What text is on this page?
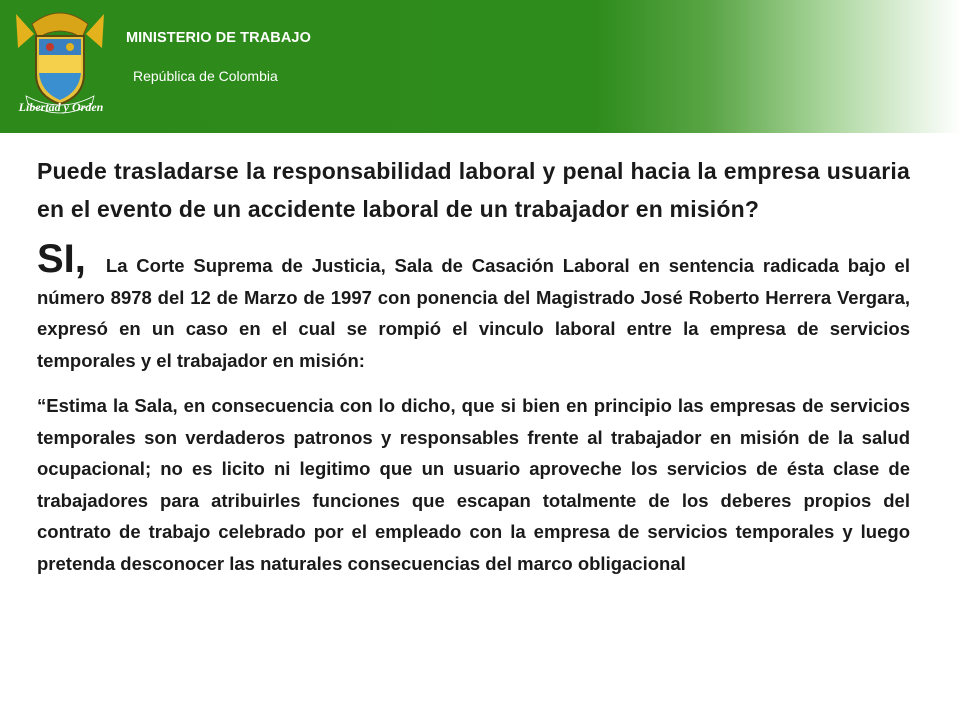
Libertad y Orden
MINISTERIO DE TRABAJO
República de Colombia

Puede trasladarse la responsabilidad laboral y penal hacia la empresa usuaria en el evento de un accidente laboral de un trabajador en misión?

SI, La Corte Suprema de Justicia, Sala de Casación Laboral en sentencia radicada bajo el número 8978 del 12 de Marzo de 1997 con ponencia del Magistrado José Roberto Herrera Vergara, expresó en un caso en el cual se rompió el vinculo laboral entre la empresa de servicios temporales y el trabajador en misión:

“Estima la Sala, en consecuencia con lo dicho, que si bien en principio las empresas de servicios temporales son verdaderos patronos y responsables frente al trabajador en misión de la salud ocupacional; no es licito ni legitimo que un usuario aproveche los servicios de ésta clase de trabajadores para atribuirles funciones que escapan totalmente de los deberes propios del contrato de trabajo celebrado por el empleado con la empresa de servicios temporales y luego pretenda desconocer las naturales consecuencias del marco obligacional
